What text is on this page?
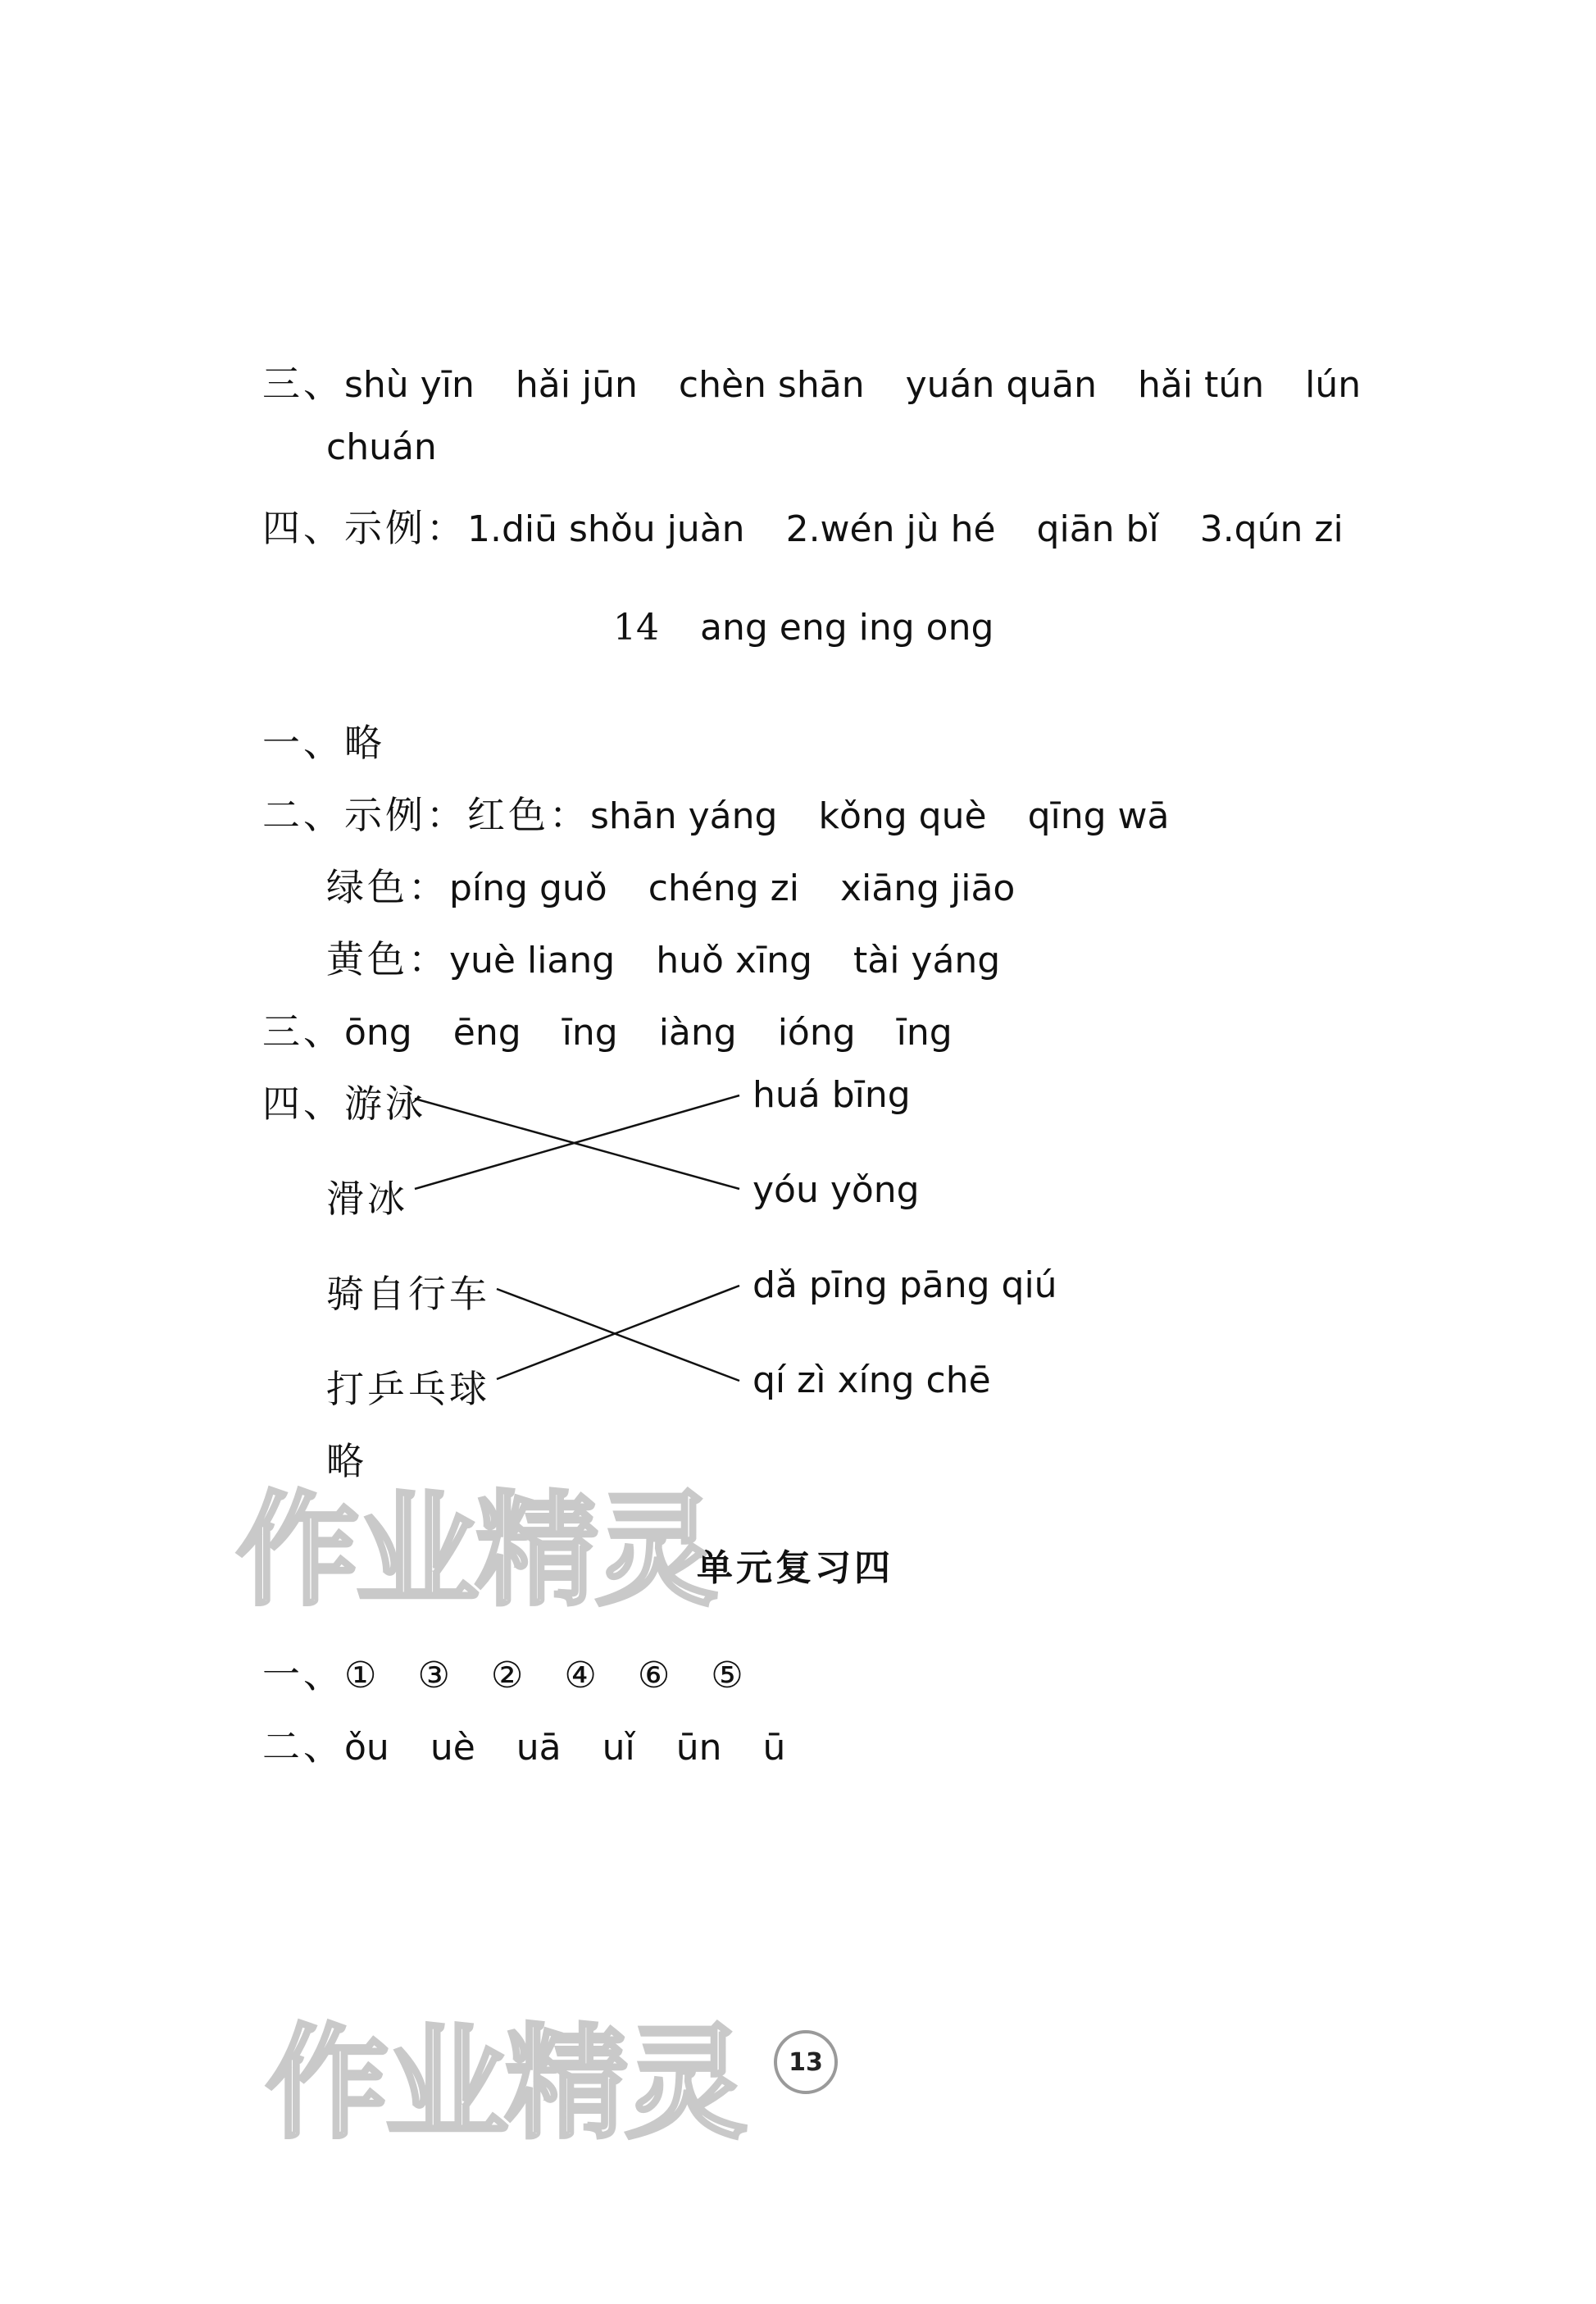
三、shù yīn hǎi jūn chèn shān yuán quān hǎi tún lún
chuán
四、示例：1.diū shǒu juàn 2.wén jù hé qiān bǐ 3.qún zi
14 ang eng ing ong
一、略
二、示例：红色：shān yáng kǒng què qīng wā
绿色：píng guǒ chéng zi xiāng jiāo
黄色：yuè liang huǒ xīng tài yáng
三、ōng ēng īng iàng ióng īng
四、游泳
滑冰
骑自行车
打乒乓球
huá bīng
yóu yǒng
dǎ pīng pāng qiú
qí zì xíng chē
略
作业精灵
单元复习四
一、① ③ ② ④ ⑥ ⑤
二、ǒu uè uā uǐ ūn ū
作业精灵 13
